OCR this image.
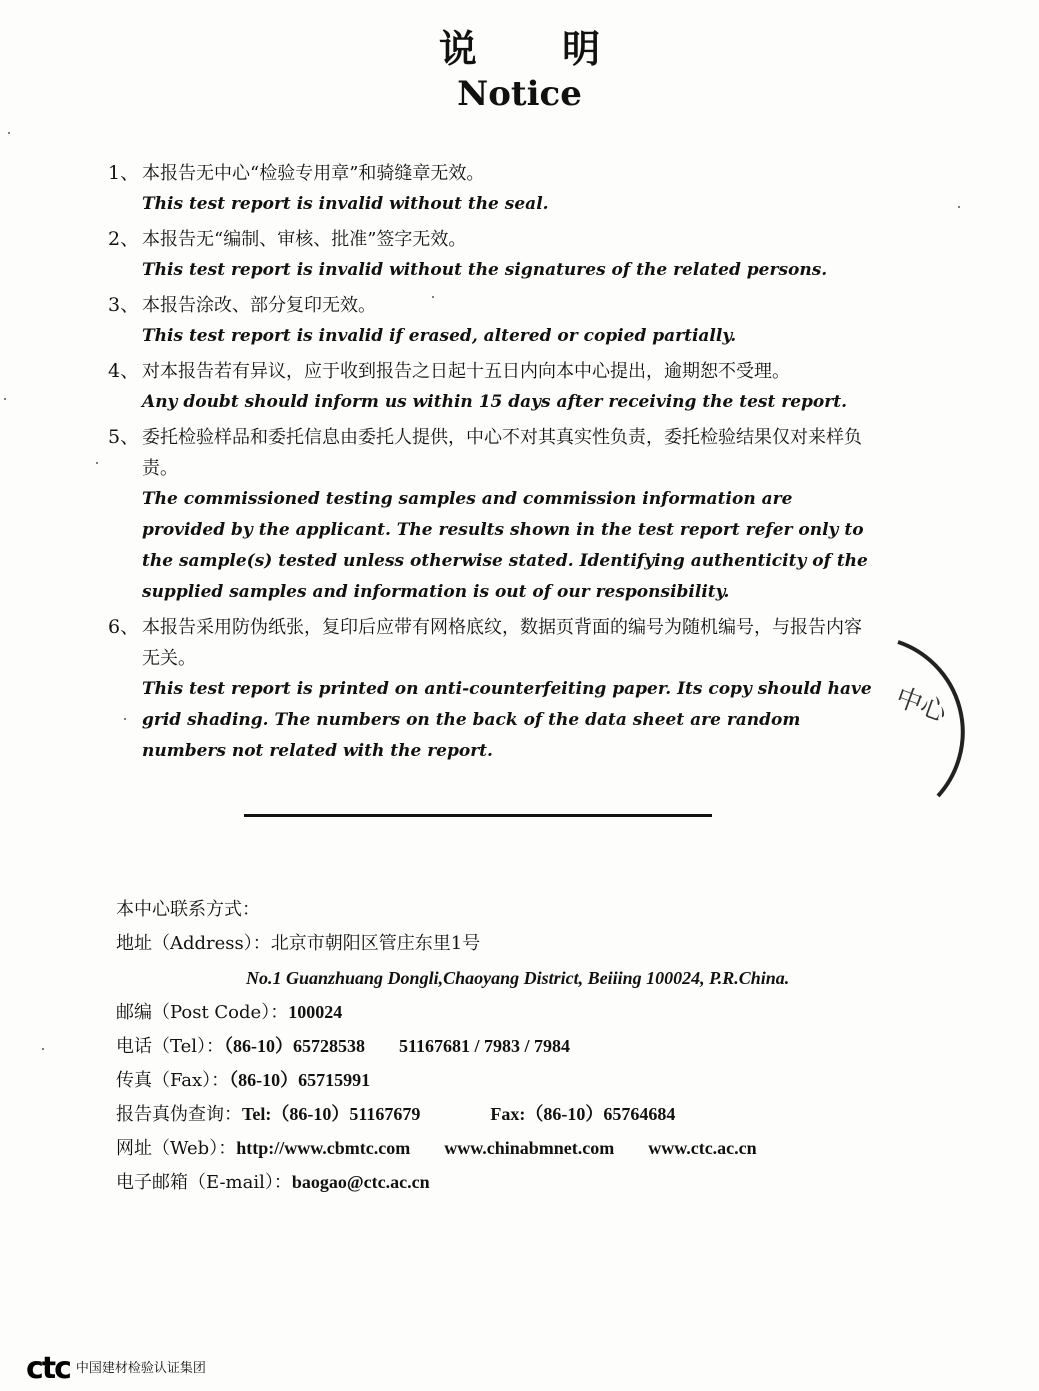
说 明
Notice
1、 本报告无中心“检验专用章”和骑缝章无效。
This test report is invalid without the seal.
2、 本报告无“编制、审核、批准”签字无效。
This test report is invalid without the signatures of the related persons.
3、 本报告涂改、部分复印无效。
This test report is invalid if erased, altered or copied partially.
4、 对本报告若有异议，应于收到报告之日起十五日内向本中心提出，逾期恕不受理。
Any doubt should inform us within 15 days after receiving the test report.
5、 委托检验样品和委托信息由委托人提供，中心不对其真实性负责，委托检验结果仅对来样负责。
The commissioned testing samples and commission information are provided by the applicant. The results shown in the test report refer only to the sample(s) tested unless otherwise stated. Identifying authenticity of the supplied samples and information is out of our responsibility.
6、 本报告采用防伪纸张，复印后应带有网格底纹，数据页背面的编号为随机编号，与报告内容无关。
This test report is printed on anti-counterfeiting paper. Its copy should have grid shading. The numbers on the back of the data sheet are random numbers not related with the report.
中心
本中心联系方式：
地址（Address）：北京市朝阳区管庄东里1号
No.1 Guanzhuang Dongli,Chaoyang District, Beiiing 100024, P.R.China.
邮编（Post Code）：100024
电话（Tel）：（86-10）65728538 51167681 / 7983 / 7984
传真（Fax）：（86-10）65715991
报告真伪查询：Tel:（86-10）51167679	Fax:（86-10）65764684
网址（Web）：http://www.cbmtc.com www.chinabmnet.com www.ctc.ac.cn
电子邮箱（E-mail）：baogao@ctc.ac.cn
ctc 中国建材检验认证集团
